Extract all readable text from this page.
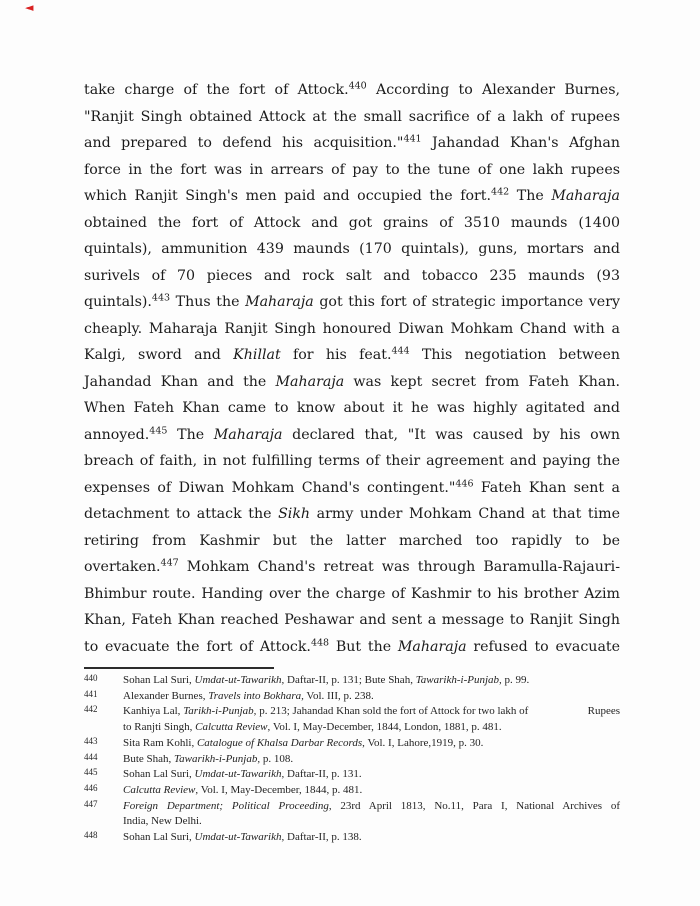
◄
take charge of the fort of Attock.$^{440}$ According to Alexander Burnes,
"Ranjit Singh obtained Attock at the small sacrifice of a lakh of rupees
and prepared to defend his acquisition."$^{441}$ Jahandad Khan's Afghan
force in the fort was in arrears of pay to the tune of one lakh rupees
which Ranjit Singh's men paid and occupied the fort.$^{442}$ The Maharaja
obtained the fort of Attock and got grains of 3510 maunds (1400
quintals), ammunition 439 maunds (170 quintals), guns, mortars and
surivels of 70 pieces and rock salt and tobacco 235 maunds (93
quintals).$^{443}$ Thus the Maharaja got this fort of strategic importance very
cheaply. Maharaja Ranjit Singh honoured Diwan Mohkam Chand with a
Kalgi, sword and Khillat for his feat.$^{444}$ This negotiation between
Jahandad Khan and the Maharaja was kept secret from Fateh Khan.
When Fateh Khan came to know about it he was highly agitated and
annoyed.$^{445}$ The Maharaja declared that, "It was caused by his own
breach of faith, in not fulfilling terms of their agreement and paying the
expenses of Diwan Mohkam Chand's contingent."$^{446}$ Fateh Khan sent a
detachment to attack the Sikh army under Mohkam Chand at that time
retiring from Kashmir but the latter marched too rapidly to be
overtaken.$^{447}$ Mohkam Chand's retreat was through Baramulla-Rajauri-
Bhimbur route. Handing over the charge of Kashmir to his brother Azim
Khan, Fateh Khan reached Peshawar and sent a message to Ranjit Singh
to evacuate the fort of Attock.$^{448}$ But the Maharaja refused to evacuate
440	Sohan Lal Suri, Umdat-ut-Tawarikh, Daftar-II, p. 131; Bute Shah, Tawarikh-i-Punjab, p. 99.
441	Alexander Burnes, Travels into Bokhara, Vol. III, p. 238.
442	Kanhiya Lal, Tarikh-i-Punjab, p. 213; Jahandad Khan sold the fort of Attock for two lakh of	Rupees
to Ranjti Singh, Calcutta Review, Vol. I, May-December, 1844, London, 1881, p. 481.
443	Sita Ram Kohli, Catalogue of Khalsa Darbar Records, Vol. I, Lahore,1919, p. 30.
444	Bute Shah, Tawarikh-i-Punjab, p. 108.
445	Sohan Lal Suri, Umdat-ut-Tawarikh, Daftar-II, p. 131.
446	Calcutta Review, Vol. I, May-December, 1844, p. 481.
447	Foreign Department; Political Proceeding, 23rd April 1813, No.11, Para I, National Archives of
India, New Delhi.
448	Sohan Lal Suri, Umdat-ut-Tawarikh, Daftar-II, p. 138.
